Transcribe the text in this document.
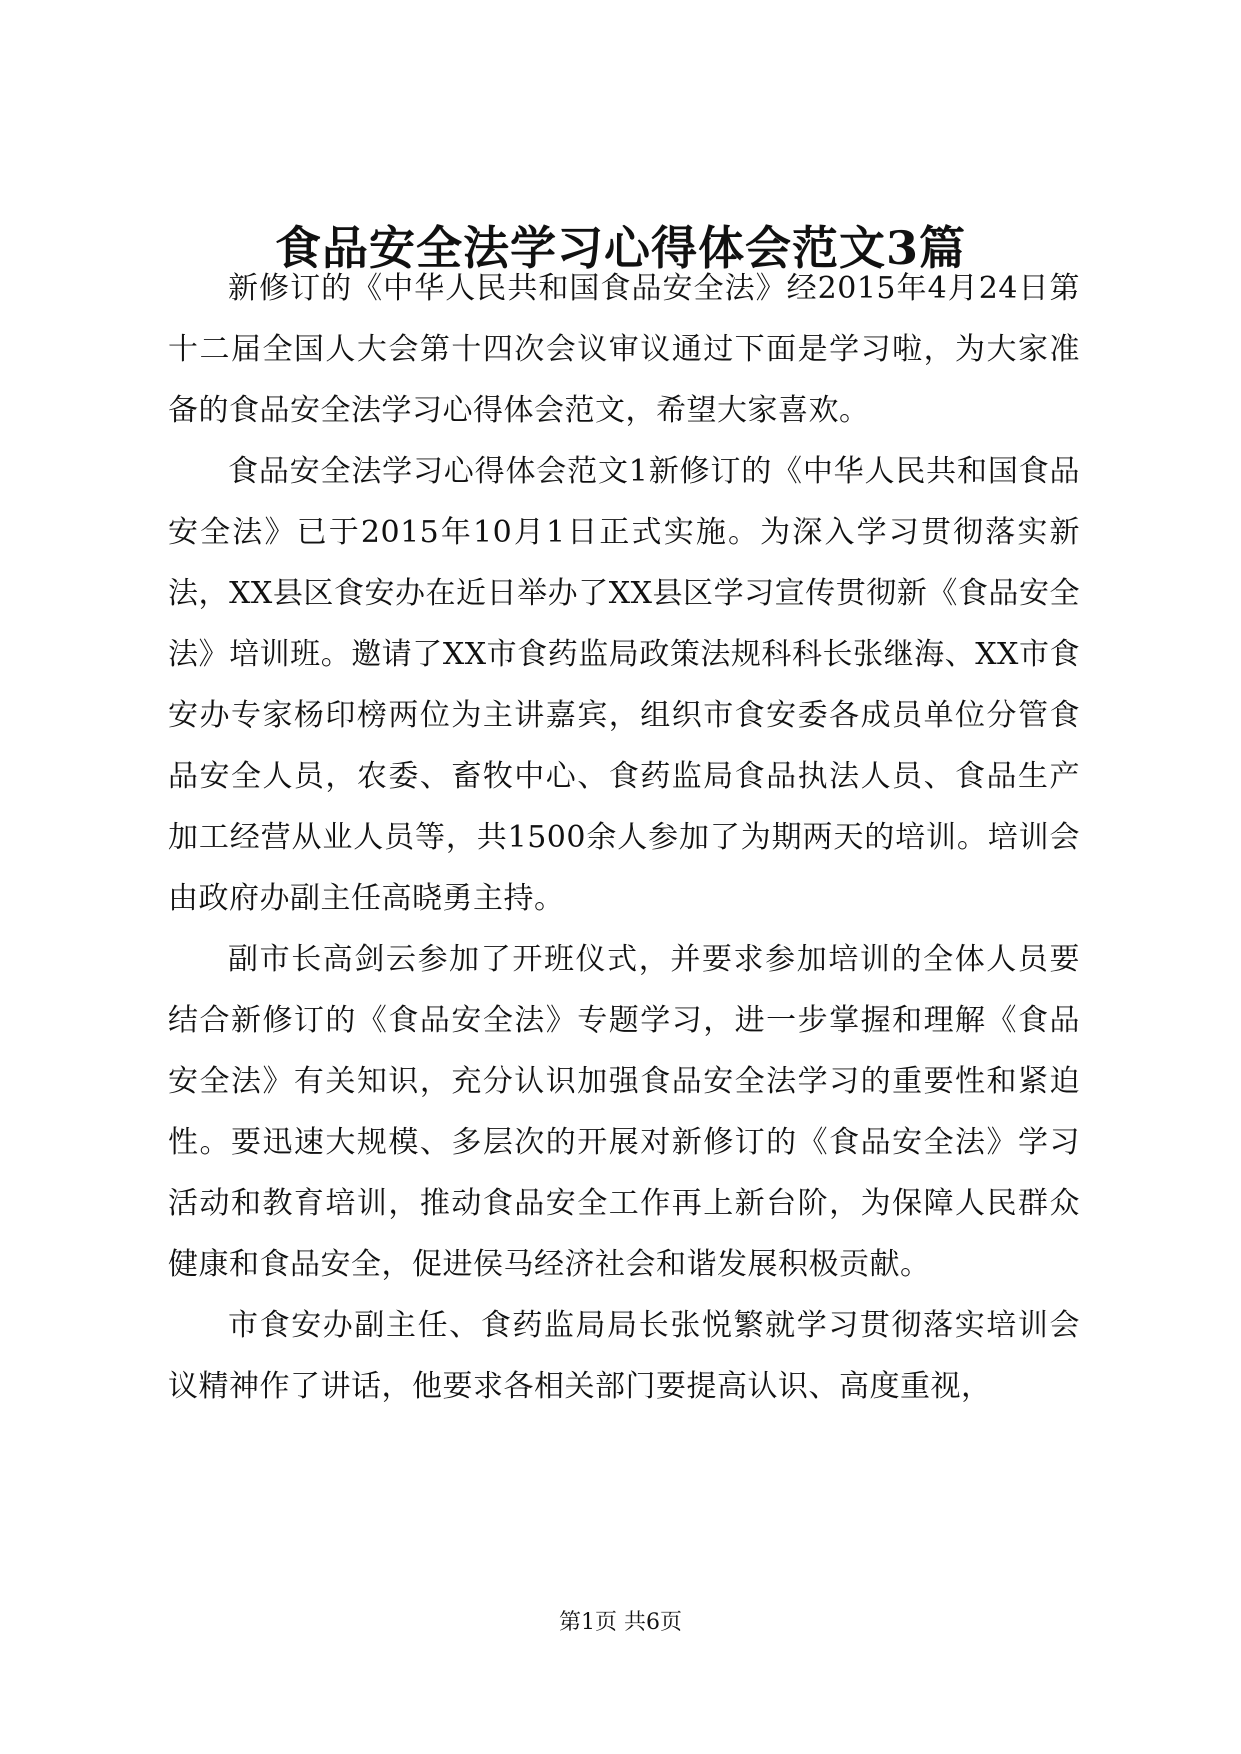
食品安全法学习心得体会范文3篇

新修订的《中华人民共和国食品安全法》经2015年4月24日第十二届全国人大会第十四次会议审议通过下面是学习啦，为大家准备的食品安全法学习心得体会范文，希望大家喜欢。

食品安全法学习心得体会范文1新修订的《中华人民共和国食品安全法》已于2015年10月1日正式实施。为深入学习贯彻落实新法，XX县区食安办在近日举办了XX县区学习宣传贯彻新《食品安全法》培训班。邀请了XX市食药监局政策法规科科长张继海、XX市食安办专家杨印榜两位为主讲嘉宾，组织市食安委各成员单位分管食品安全人员，农委、畜牧中心、食药监局食品执法人员、食品生产加工经营从业人员等，共1500余人参加了为期两天的培训。培训会由政府办副主任高晓勇主持。

副市长高剑云参加了开班仪式，并要求参加培训的全体人员要结合新修订的《食品安全法》专题学习，进一步掌握和理解《食品安全法》有关知识，充分认识加强食品安全法学习的重要性和紧迫性。要迅速大规模、多层次的开展对新修订的《食品安全法》学习活动和教育培训，推动食品安全工作再上新台阶，为保障人民群众健康和食品安全，促进侯马经济社会和谐发展积极贡献。

市食安办副主任、食药监局局长张悦繁就学习贯彻落实培训会议精神作了讲话，他要求各相关部门要提高认识、高度重视，

第1页 共6页
